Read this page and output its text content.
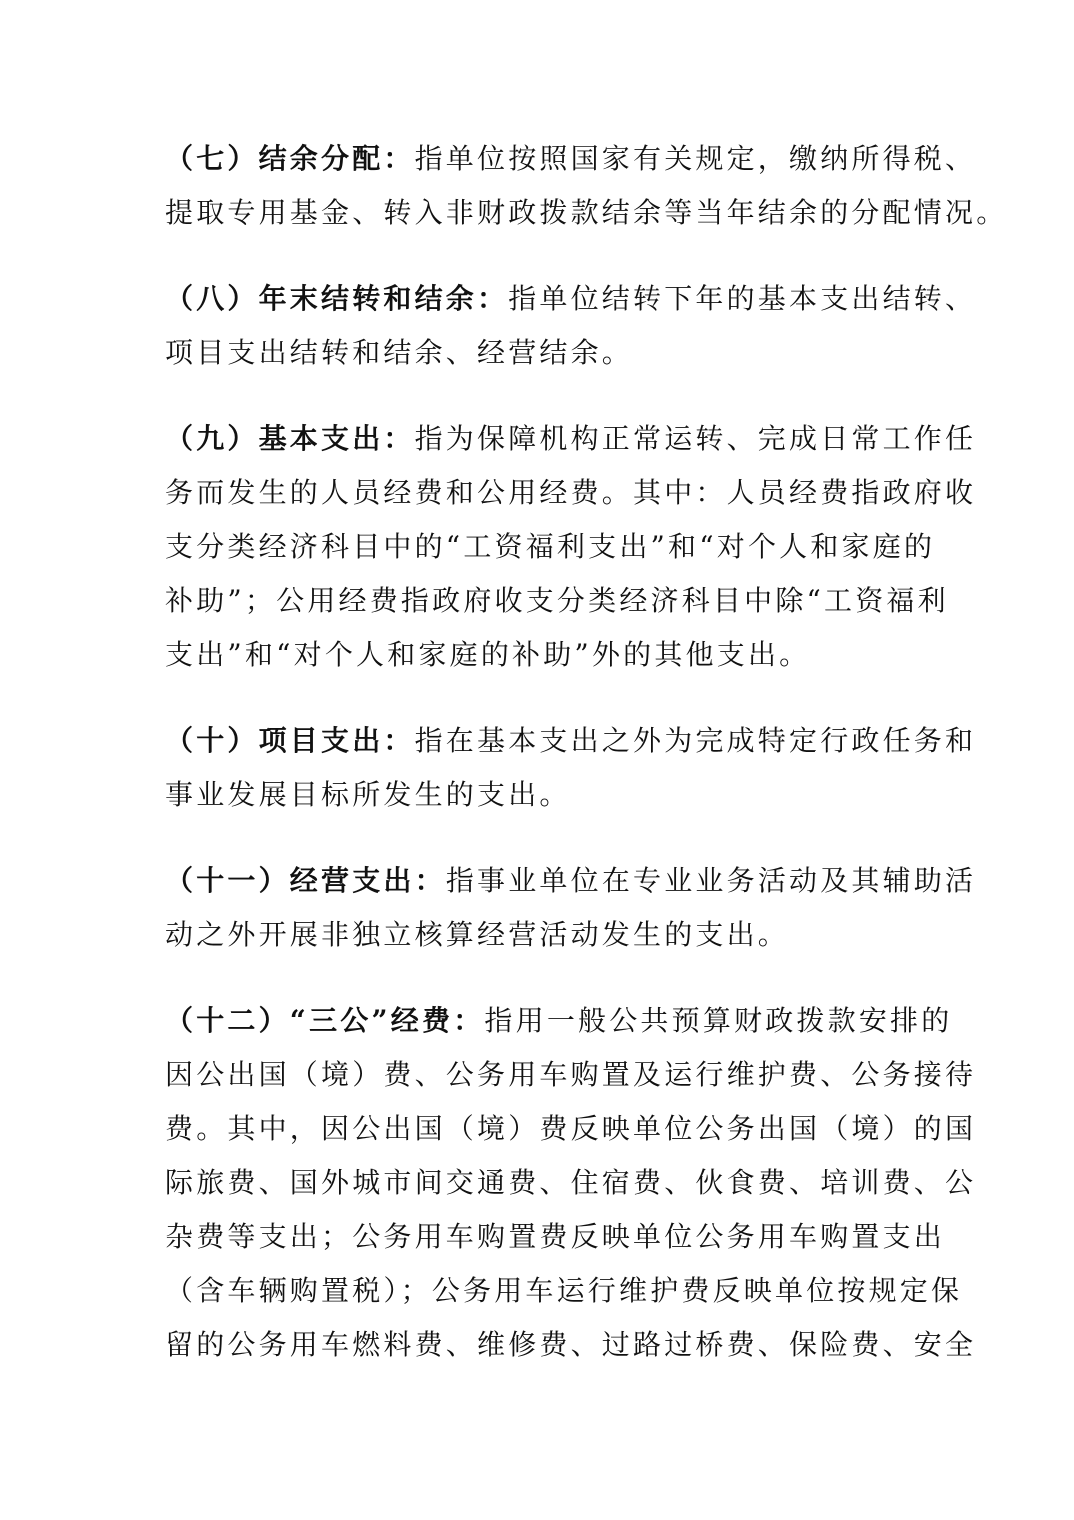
（七）结余分配：指单位按照国家有关规定，缴纳所得税、
提取专用基金、转入非财政拨款结余等当年结余的分配情况。

（八）年末结转和结余：指单位结转下年的基本支出结转、
项目支出结转和结余、经营结余。

（九）基本支出：指为保障机构正常运转、完成日常工作任
务而发生的人员经费和公用经费。其中：人员经费指政府收
支分类经济科目中的“工资福利支出”和“对个人和家庭的
补助”；公用经费指政府收支分类经济科目中除“工资福利
支出”和“对个人和家庭的补助”外的其他支出。

（十）项目支出：指在基本支出之外为完成特定行政任务和
事业发展目标所发生的支出。

（十一）经营支出：指事业单位在专业业务活动及其辅助活
动之外开展非独立核算经营活动发生的支出。

（十二）“三公”经费：指用一般公共预算财政拨款安排的
因公出国（境）费、公务用车购置及运行维护费、公务接待
费。其中，因公出国（境）费反映单位公务出国（境）的国
际旅费、国外城市间交通费、住宿费、伙食费、培训费、公
杂费等支出；公务用车购置费反映单位公务用车购置支出
（含车辆购置税）；公务用车运行维护费反映单位按规定保
留的公务用车燃料费、维修费、过路过桥费、保险费、安全
